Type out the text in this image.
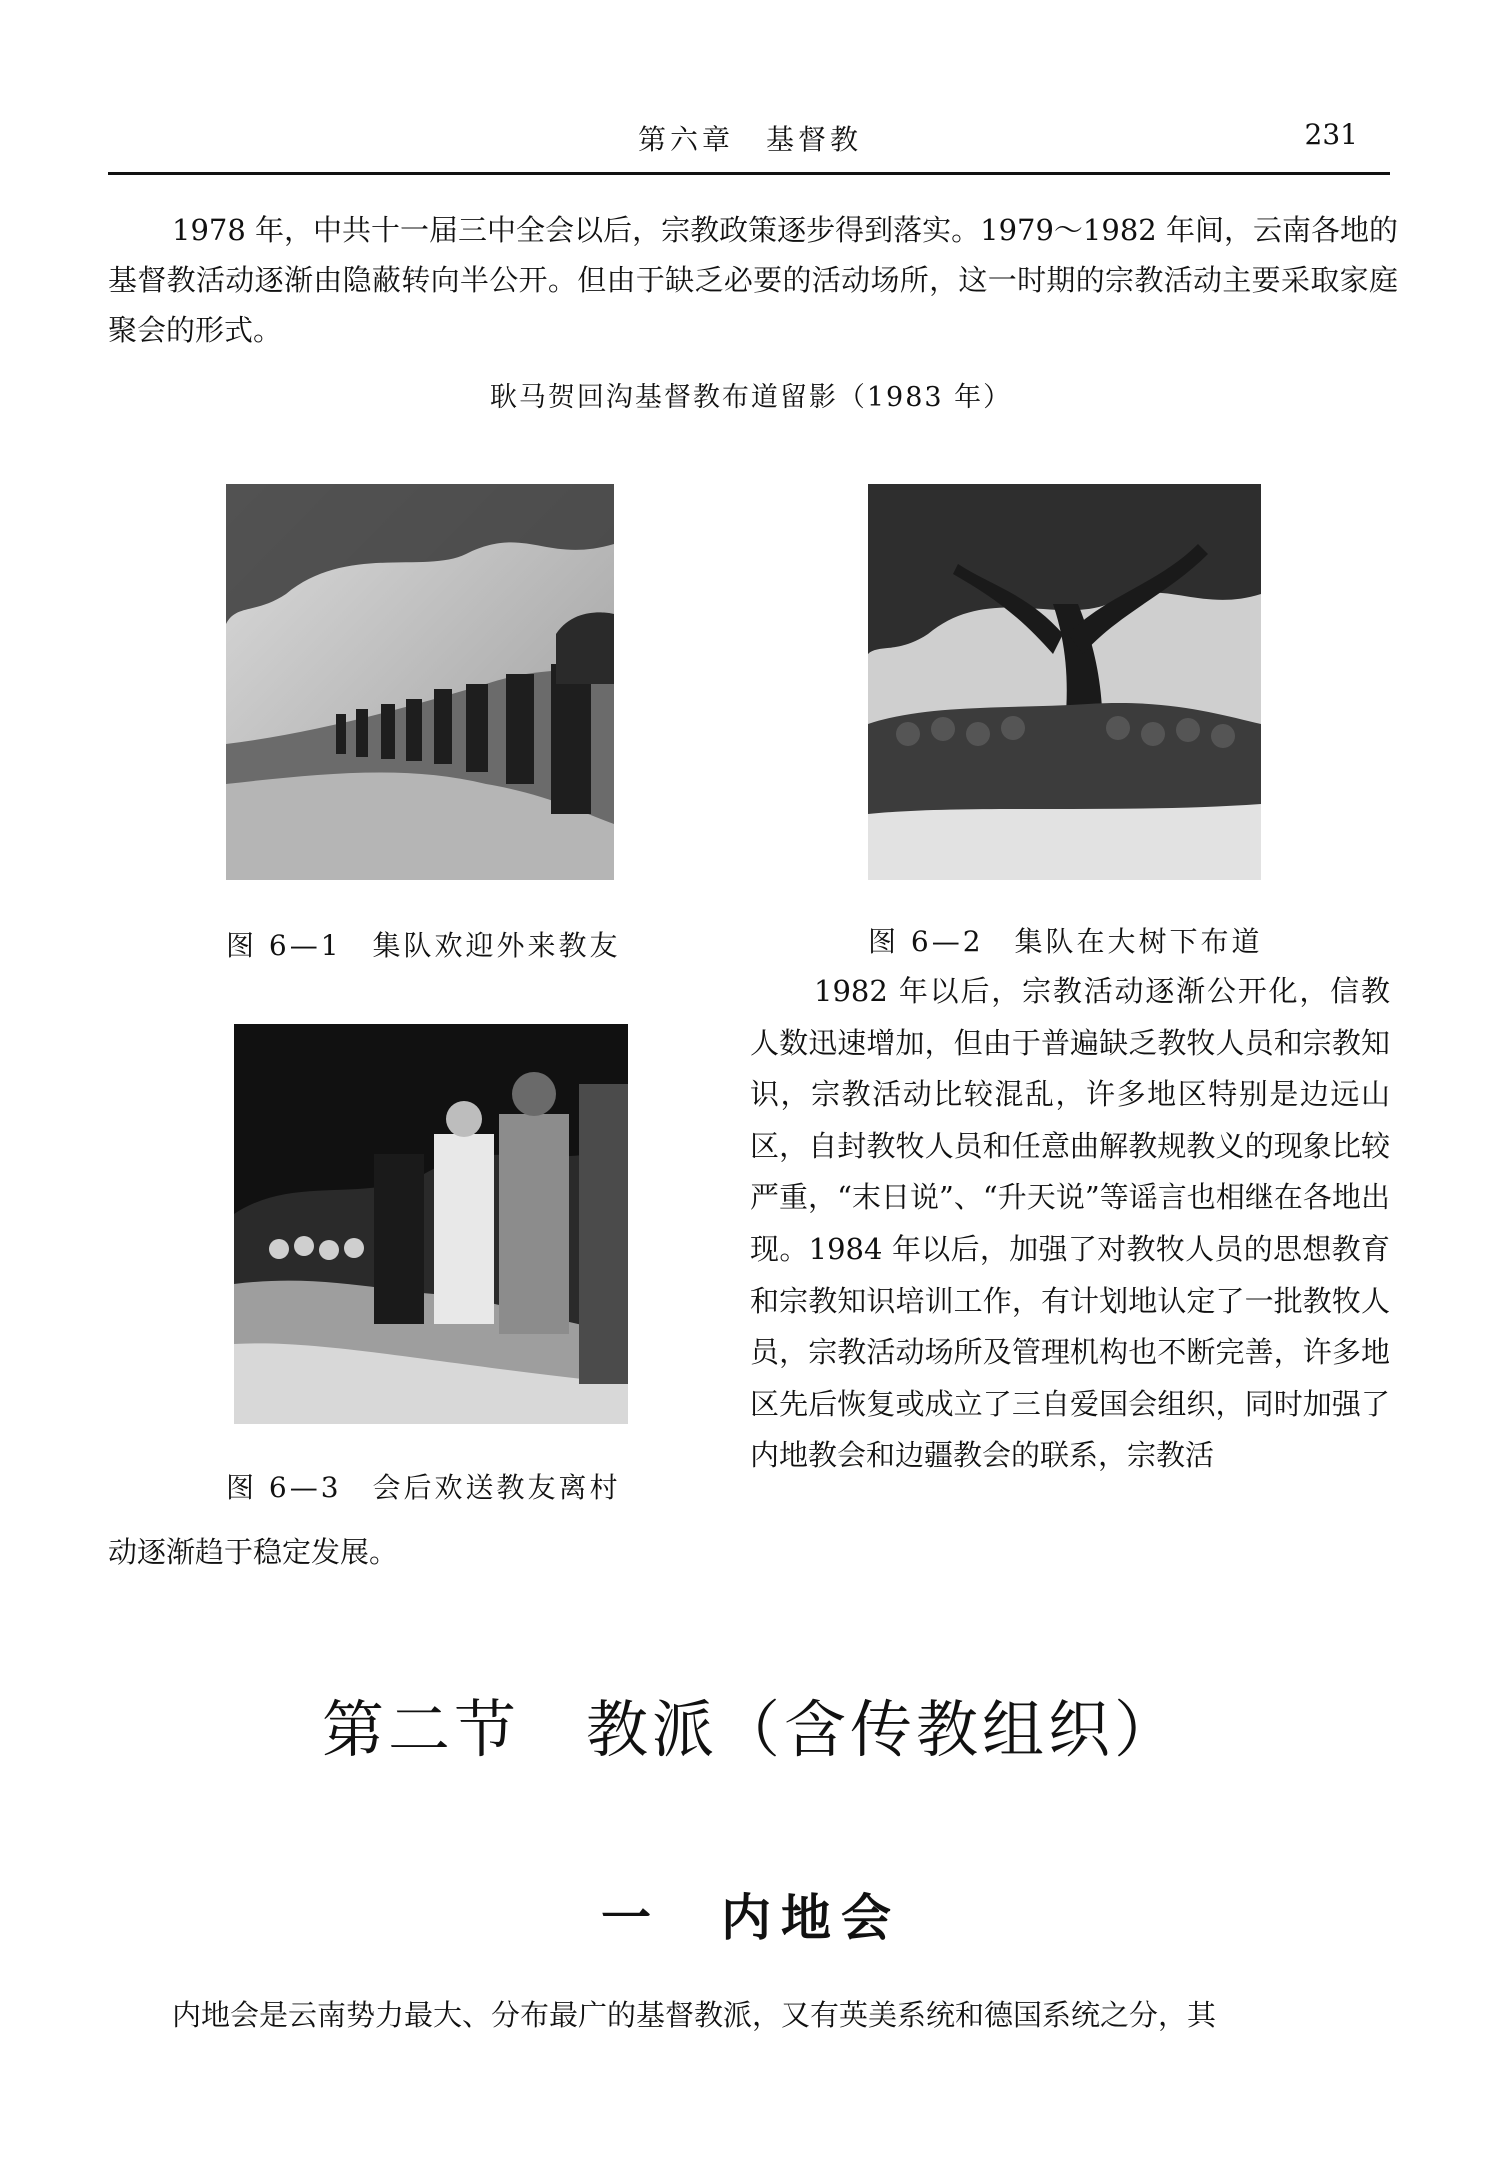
第六章　基督教	231
1978 年，中共十一届三中全会以后，宗教政策逐步得到落实。1979～1982 年间，云南各地的基督教活动逐渐由隐蔽转向半公开。但由于缺乏必要的活动场所，这一时期的宗教活动主要采取家庭聚会的形式。
耿马贺回沟基督教布道留影（1983 年）
图 6—1　集队欢迎外来教友	图 6—2　集队在大树下布道
图 6—3　会后欢送教友离村
1982 年以后，宗教活动逐渐公开化，信教人数迅速增加，但由于普遍缺乏教牧人员和宗教知识，宗教活动比较混乱，许多地区特别是边远山区，自封教牧人员和任意曲解教规教义的现象比较严重，“末日说”、“升天说”等谣言也相继在各地出现。1984 年以后，加强了对教牧人员的思想教育和宗教知识培训工作，有计划地认定了一批教牧人员，宗教活动场所及管理机构也不断完善，许多地区先后恢复或成立了三自爱国会组织，同时加强了内地教会和边疆教会的联系，宗教活
动逐渐趋于稳定发展。
第二节　教派（含传教组织）
一　内地会
内地会是云南势力最大、分布最广的基督教派，又有英美系统和德国系统之分，其
